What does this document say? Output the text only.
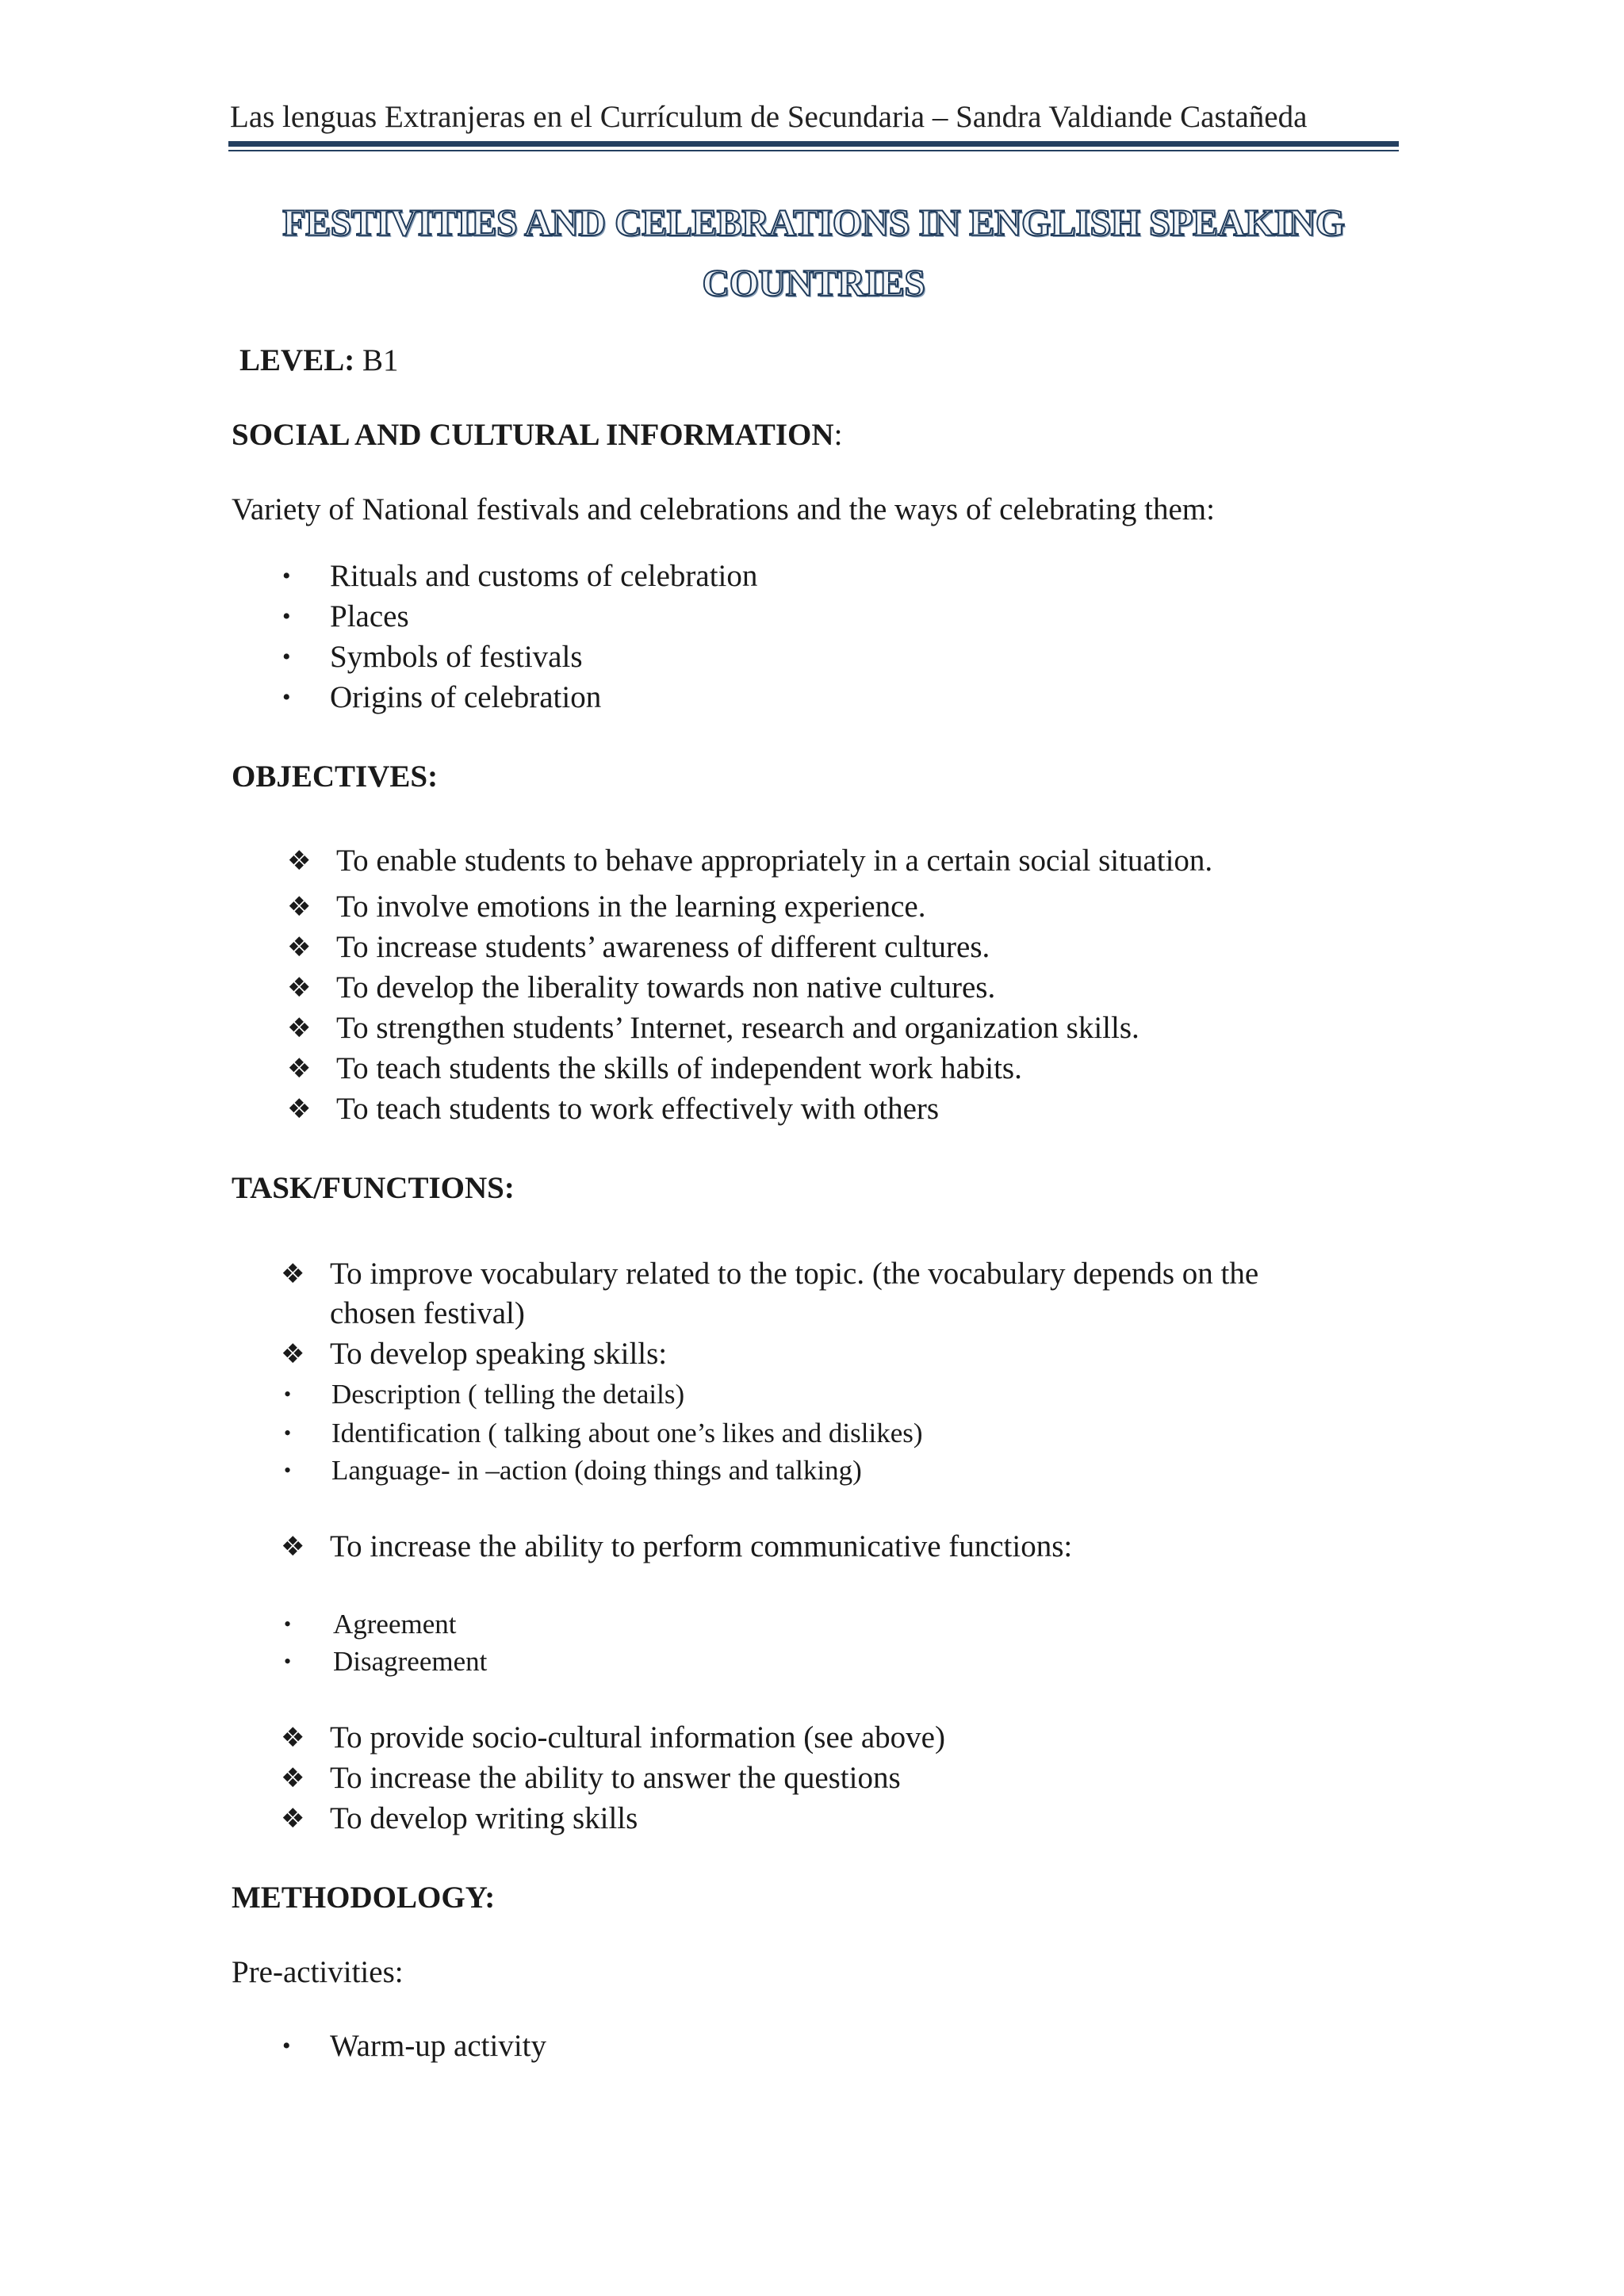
Las lenguas Extranjeras en el Currículum de Secundaria – Sandra Valdiande Castañeda
FESTIVITIES AND CELEBRATIONS IN ENGLISH SPEAKING
COUNTRIES
LEVEL: B1
SOCIAL AND CULTURAL INFORMATION:
Variety of National festivals and celebrations and the ways of celebrating them:
• Rituals and customs of celebration
• Places
• Symbols of festivals
• Origins of celebration
OBJECTIVES:
❖ To enable students to behave appropriately in a certain social situation.
❖ To involve emotions in the learning experience.
❖ To increase students’ awareness of different cultures.
❖ To develop the liberality towards non native cultures.
❖ To strengthen students’ Internet, research and organization skills.
❖ To teach students the skills of independent work habits.
❖ To teach students to work effectively with others
TASK/FUNCTIONS:
❖ To improve vocabulary related to the topic. (the vocabulary depends on the
chosen festival)
❖ To develop speaking skills:
• Description ( telling the details)
• Identification ( talking about one’s likes and dislikes)
• Language- in –action (doing things and talking)
❖ To increase the ability to perform communicative functions:
• Agreement
• Disagreement
❖ To provide socio-cultural information (see above)
❖ To increase the ability to answer the questions
❖ To develop writing skills
METHODOLOGY:
Pre-activities:
• Warm-up activity
